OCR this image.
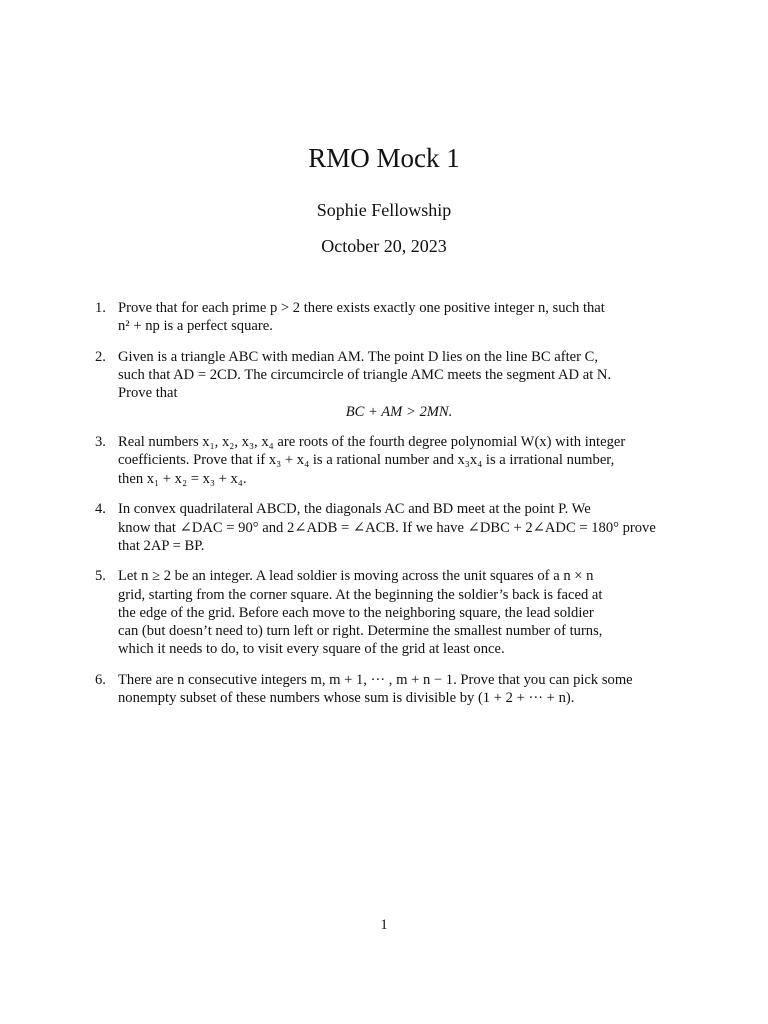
RMO Mock 1
Sophie Fellowship
October 20, 2023
1. Prove that for each prime p > 2 there exists exactly one positive integer n, such that
n² + np is a perfect square.
2. Given is a triangle ABC with median AM. The point D lies on the line BC after C,
such that AD = 2CD. The circumcircle of triangle AMC meets the segment AD at N.
Prove that
BC + AM > 2MN.
3. Real numbers x₁, x₂, x₃, x₄ are roots of the fourth degree polynomial W(x) with integer
coefficients. Prove that if x₃ + x₄ is a rational number and x₃x₄ is a irrational number,
then x₁ + x₂ = x₃ + x₄.
4. In convex quadrilateral ABCD, the diagonals AC and BD meet at the point P. We
know that ∠DAC = 90° and 2∠ADB = ∠ACB. If we have ∠DBC + 2∠ADC = 180° prove
that 2AP = BP.
5. Let n ≥ 2 be an integer. A lead soldier is moving across the unit squares of a n × n
grid, starting from the corner square. At the beginning the soldier’s back is faced at
the edge of the grid. Before each move to the neighboring square, the lead soldier
can (but doesn’t need to) turn left or right. Determine the smallest number of turns,
which it needs to do, to visit every square of the grid at least once.
6. There are n consecutive integers m, m + 1, ··· , m + n − 1. Prove that you can pick some
nonempty subset of these numbers whose sum is divisible by (1 + 2 + ··· + n).
1
